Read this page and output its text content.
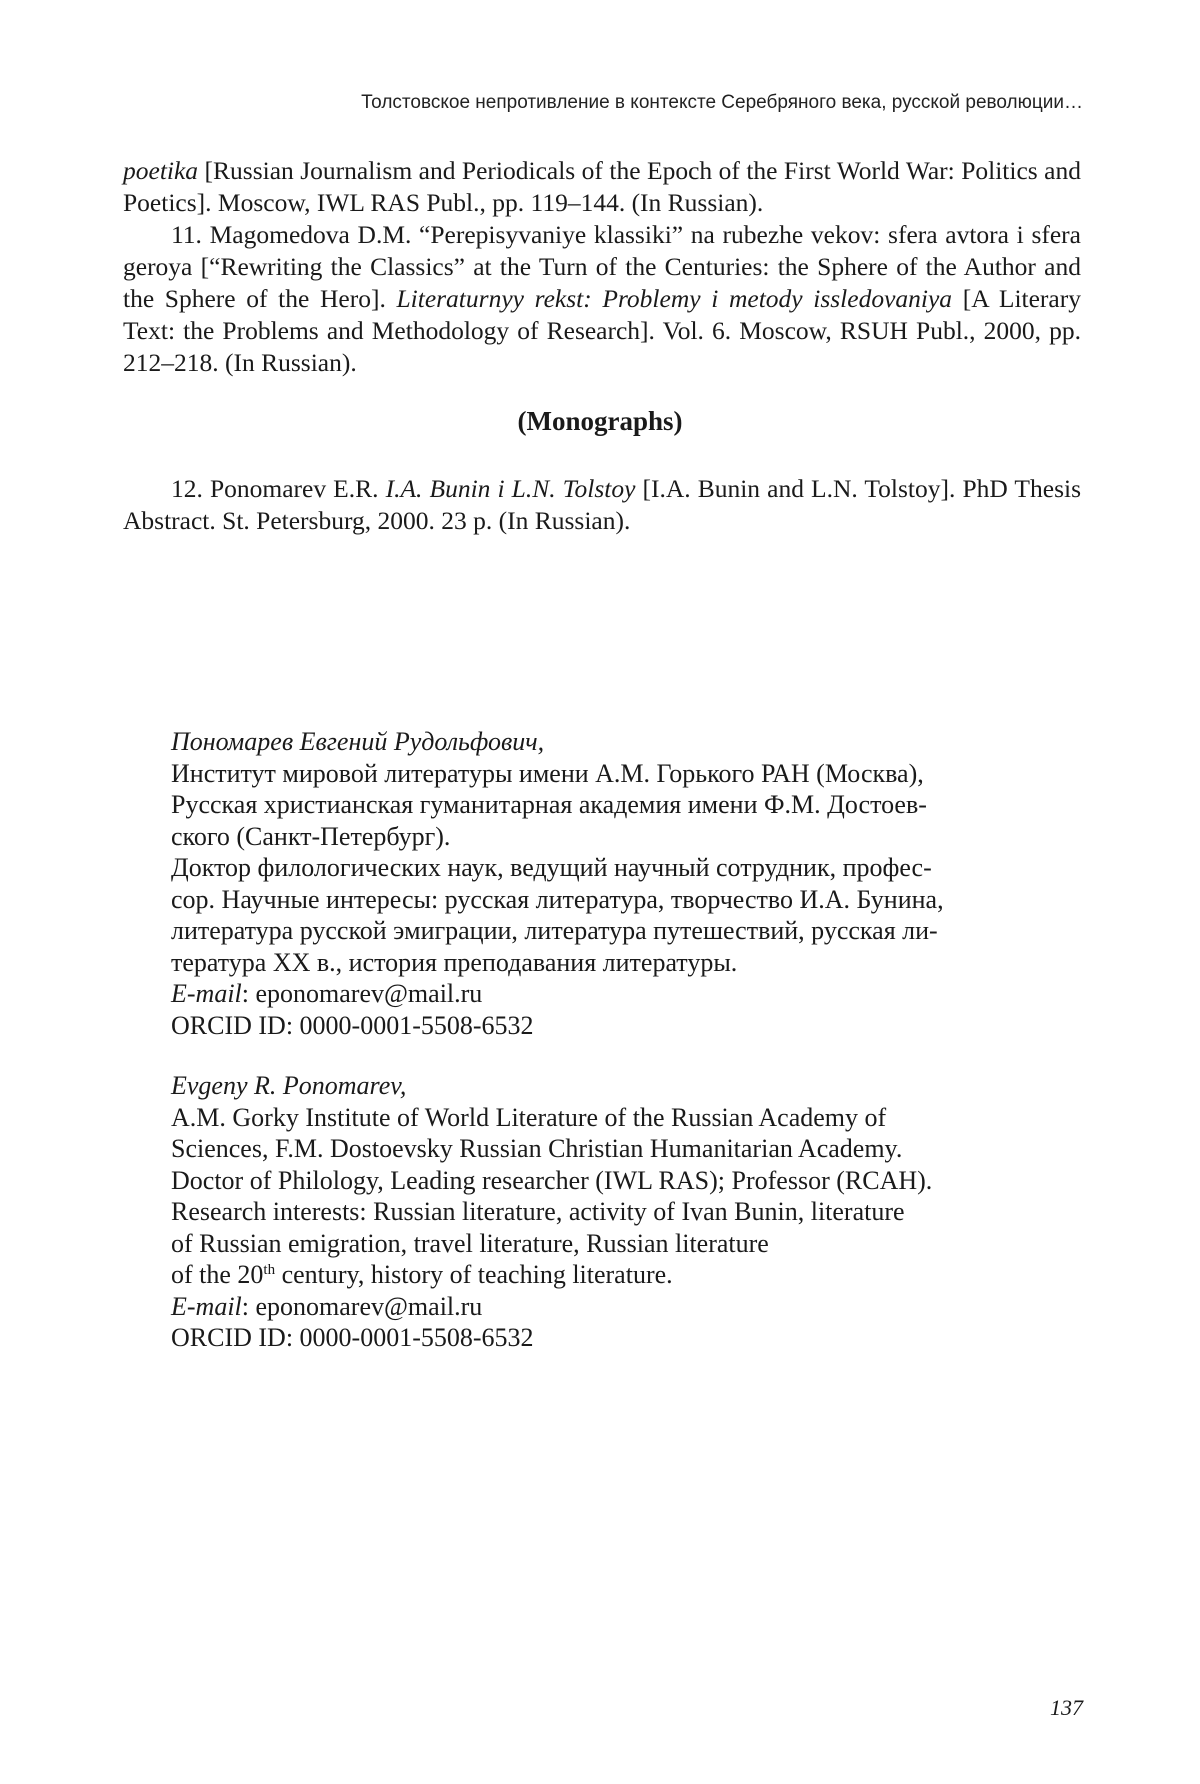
Толстовское непротивление в контексте Серебряного века, русской революции…

poetika [Russian Journalism and Periodicals of the Epoch of the First World War: Politics and Poetics]. Moscow, IWL RAS Publ., pp. 119–144. (In Russian).

11. Magomedova D.M. “Perepisyvaniye klassiki” na rubezhe vekov: sfera avtora i sfera geroya [“Rewriting the Classics” at the Turn of the Centuries: the Sphere of the Author and the Sphere of the Hero]. Literaturnyy rekst: Problemy i metody issledovaniya [A Literary Text: the Problems and Methodology of Research]. Vol. 6. Moscow, RSUH Publ., 2000, pp. 212–218. (In Russian).

(Monographs)

12. Ponomarev E.R. I.A. Bunin i L.N. Tolstoy [I.A. Bunin and L.N. Tolstoy]. PhD Thesis Abstract. St. Petersburg, 2000. 23 p. (In Russian).

Пономарев Евгений Рудольфович,
Институт мировой литературы имени А.М. Горького РАН (Москва),
Русская христианская гуманитарная академия имени Ф.М. Достоев-
ского (Санкт-Петербург).
Доктор филологических наук, ведущий научный сотрудник, профес-
сор. Научные интересы: русская литература, творчество И.А. Бунина,
литература русской эмиграции, литература путешествий, русская ли-
тература XX в., история преподавания литературы.
E-mail: eponomarev@mail.ru
ORCID ID: 0000-0001-5508-6532
Evgeny R. Ponomarev,
A.M. Gorky Institute of World Literature of the Russian Academy of
Sciences, F.M. Dostoevsky Russian Christian Humanitarian Academy.
Doctor of Philology, Leading researcher (IWL RAS); Professor (RCAH).
Research interests: Russian literature, activity of Ivan Bunin, literature
of Russian emigration, travel literature, Russian literature
of the 20th century, history of teaching literature.
E-mail: eponomarev@mail.ru
ORCID ID: 0000-0001-5508-6532
137
